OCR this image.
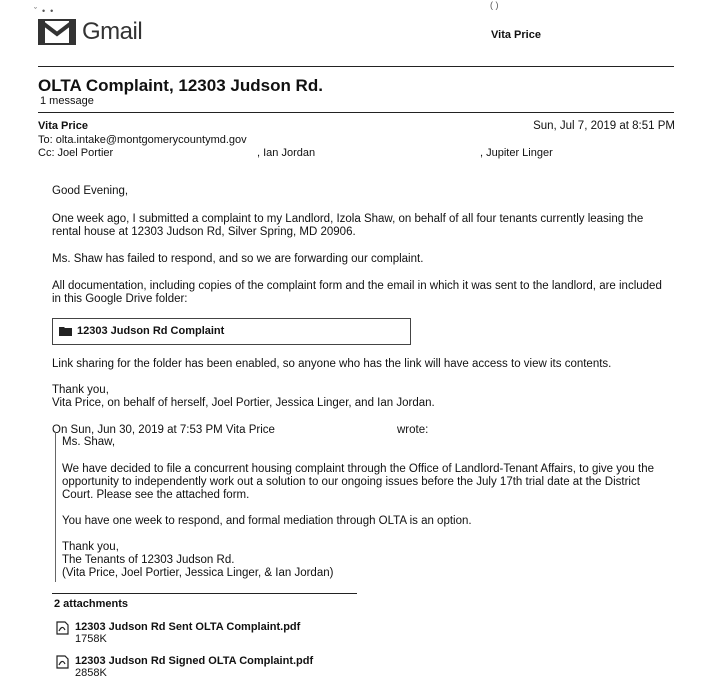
ˇ  •  •
( )
Gmail	Vita Price
OLTA Complaint, 12303 Judson Rd.
1 message
Vita Price	Sun, Jul 7, 2019 at 8:51 PM
To: olta.intake@montgomerycountymd.gov
Cc: Joel Portier	, Ian Jordan	, Jupiter Linger
Good Evening,
One week ago, I submitted a complaint to my Landlord, Izola Shaw, on behalf of all four tenants currently leasing the
rental house at 12303 Judson Rd, Silver Spring, MD 20906.
Ms. Shaw has failed to respond, and so we are forwarding our complaint.
All documentation, including copies of the complaint form and the email in which it was sent to the landlord, are included
in this Google Drive folder:
12303 Judson Rd Complaint
Link sharing for the folder has been enabled, so anyone who has the link will have access to view its contents.
Thank you,
Vita Price, on behalf of herself, Joel Portier, Jessica Linger, and Ian Jordan.
On Sun, Jun 30, 2019 at 7:53 PM Vita Price	wrote:
Ms. Shaw,
We have decided to file a concurrent housing complaint through the Office of Landlord-Tenant Affairs, to give you the
opportunity to independently work out a solution to our ongoing issues before the July 17th trial date at the District
Court. Please see the attached form.
You have one week to respond, and formal mediation through OLTA is an option.
Thank you,
The Tenants of 12303 Judson Rd.
(Vita Price, Joel Portier, Jessica Linger, & Ian Jordan)
2 attachments
12303 Judson Rd Sent OLTA Complaint.pdf
1758K
12303 Judson Rd Signed OLTA Complaint.pdf
2858K
